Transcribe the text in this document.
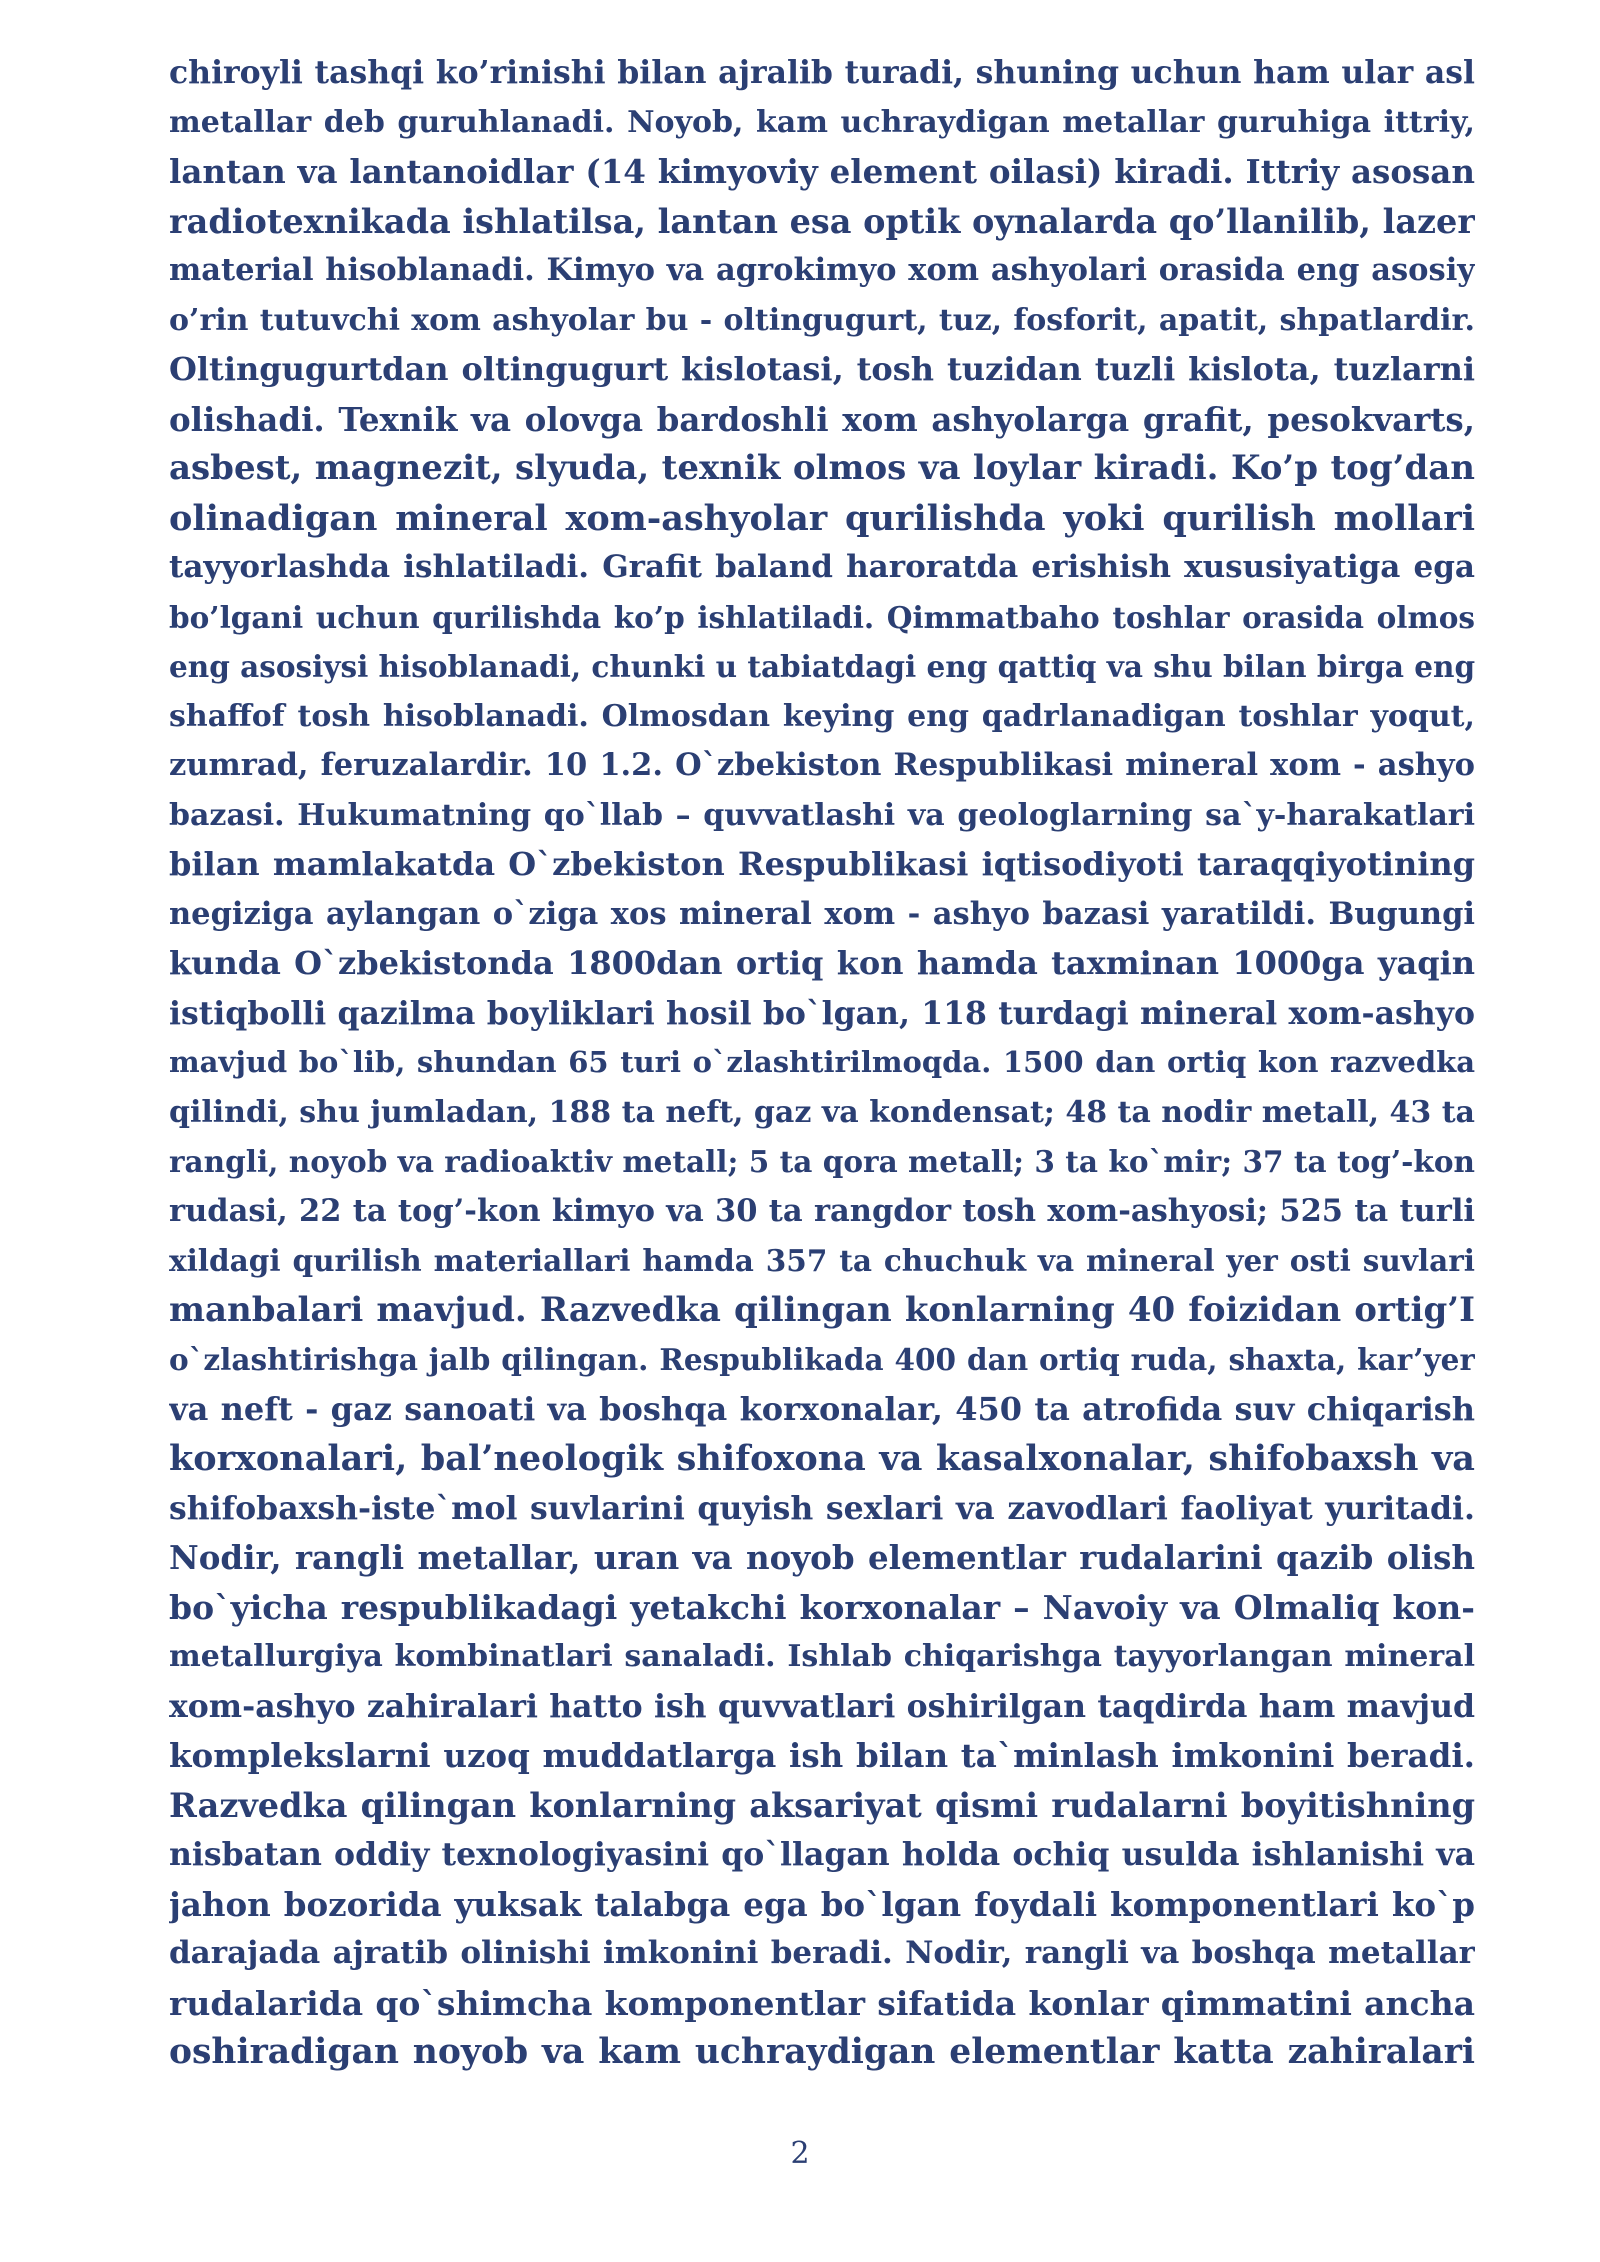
chiroyli tashqi ko’rinishi bilan ajralib turadi, shuning uchun ham ular asl
metallar deb guruhlanadi. Noyob, kam uchraydigan metallar guruhiga ittriy,
lantan va lantanoidlar (14 kimyoviy element oilasi) kiradi. Ittriy asosan
radiotexnikada ishlatilsa, lantan esa optik oynalarda qo’llanilib, lazer
material hisoblanadi. Kimyo va agrokimyo xom ashyolari orasida eng asosiy
o’rin tutuvchi xom ashyolar bu - oltingugurt, tuz, fosforit, apatit, shpatlardir.
Oltingugurtdan oltingugurt kislotasi, tosh tuzidan tuzli kislota, tuzlarni
olishadi. Texnik va olovga bardoshli xom ashyolarga grafit, pesokvarts,
asbest, magnezit, slyuda, texnik olmos va loylar kiradi. Ko’p tog’dan
olinadigan mineral xom-ashyolar qurilishda yoki qurilish mollari
tayyorlashda ishlatiladi. Grafit baland haroratda erishish xususiyatiga ega
bo’lgani uchun qurilishda ko’p ishlatiladi. Qimmatbaho toshlar orasida olmos
eng asosiysi hisoblanadi, chunki u tabiatdagi eng qattiq va shu bilan birga eng
shaffof tosh hisoblanadi. Olmosdan keying eng qadrlanadigan toshlar yoqut,
zumrad, feruzalardir. 10 1.2. O`zbekiston Respublikasi mineral xom - ashyo
bazasi. Hukumatning qo`llab – quvvatlashi va geologlarning sa`y-harakatlari
bilan mamlakatda O`zbekiston Respublikasi iqtisodiyoti taraqqiyotining
negiziga aylangan o`ziga xos mineral xom - ashyo bazasi yaratildi. Bugungi
kunda O`zbekistonda 1800dan ortiq kon hamda taxminan 1000ga yaqin
istiqbolli qazilma boyliklari hosil bo`lgan, 118 turdagi mineral xom-ashyo
mavjud bo`lib, shundan 65 turi o`zlashtirilmoqda. 1500 dan ortiq kon razvedka
qilindi, shu jumladan, 188 ta neft, gaz va kondensat; 48 ta nodir metall, 43 ta
rangli, noyob va radioaktiv metall; 5 ta qora metall; 3 ta ko`mir; 37 ta tog’-kon
rudasi, 22 ta tog’-kon kimyo va 30 ta rangdor tosh xom-ashyosi; 525 ta turli
xildagi qurilish materiallari hamda 357 ta chuchuk va mineral yer osti suvlari
manbalari mavjud. Razvedka qilingan konlarning 40 foizidan ortig’I
o`zlashtirishga jalb qilingan. Respublikada 400 dan ortiq ruda, shaxta, kar’yer
va neft - gaz sanoati va boshqa korxonalar, 450 ta atrofida suv chiqarish
korxonalari, bal’neologik shifoxona va kasalxonalar, shifobaxsh va
shifobaxsh-iste`mol suvlarini quyish sexlari va zavodlari faoliyat yuritadi.
Nodir, rangli metallar, uran va noyob elementlar rudalarini qazib olish
bo`yicha respublikadagi yetakchi korxonalar – Navoiy va Olmaliq kon-
metallurgiya kombinatlari sanaladi. Ishlab chiqarishga tayyorlangan mineral
xom-ashyo zahiralari hatto ish quvvatlari oshirilgan taqdirda ham mavjud
komplekslarni uzoq muddatlarga ish bilan ta`minlash imkonini beradi.
Razvedka qilingan konlarning aksariyat qismi rudalarni boyitishning
nisbatan oddiy texnologiyasini qo`llagan holda ochiq usulda ishlanishi va
jahon bozorida yuksak talabga ega bo`lgan foydali komponentlari ko`p
darajada ajratib olinishi imkonini beradi. Nodir, rangli va boshqa metallar
rudalarida qo`shimcha komponentlar sifatida konlar qimmatini ancha
oshiradigan noyob va kam uchraydigan elementlar katta zahiralari
2
